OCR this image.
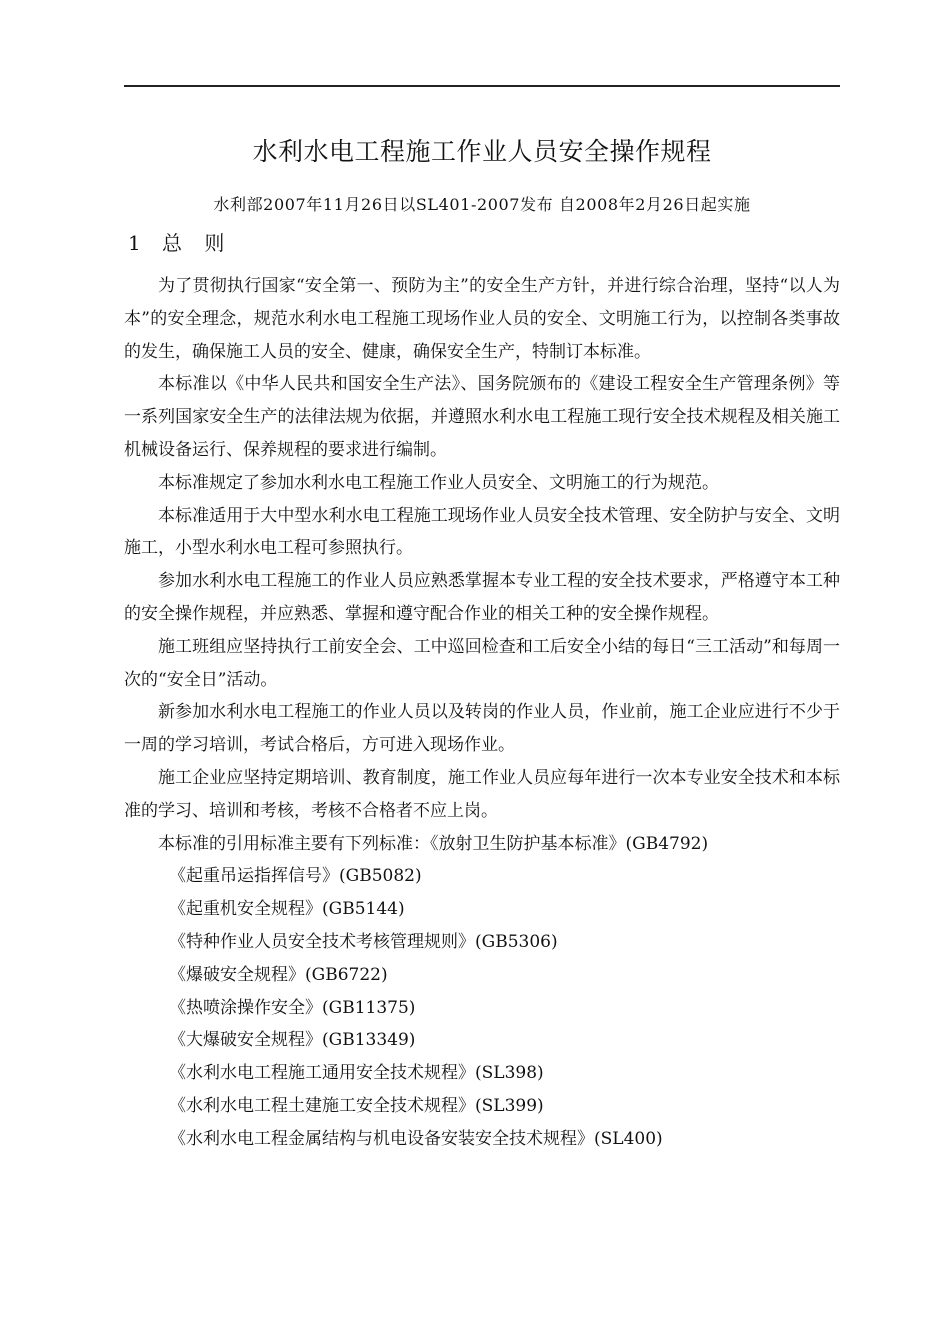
水利水电工程施工作业人员安全操作规程
水利部2007年11月26日以SL401-2007发布 自2008年2月26日起实施
1 总 则

为了贯彻执行国家“安全第一、预防为主”的安全生产方针，并进行综合治理，坚持“以人为本”的安全理念，规范水利水电工程施工现场作业人员的安全、文明施工行为，以控制各类事故的发生，确保施工人员的安全、健康，确保安全生产，特制订本标准。

本标准以《中华人民共和国安全生产法》、国务院颁布的《建设工程安全生产管理条例》等一系列国家安全生产的法律法规为依据，并遵照水利水电工程施工现行安全技术规程及相关施工机械设备运行、保养规程的要求进行编制。

本标准规定了参加水利水电工程施工作业人员安全、文明施工的行为规范。

本标准适用于大中型水利水电工程施工现场作业人员安全技术管理、安全防护与安全、文明施工，小型水利水电工程可参照执行。

参加水利水电工程施工的作业人员应熟悉掌握本专业工程的安全技术要求，严格遵守本工种的安全操作规程，并应熟悉、掌握和遵守配合作业的相关工种的安全操作规程。

施工班组应坚持执行工前安全会、工中巡回检查和工后安全小结的每日“三工活动”和每周一次的“安全日”活动。

新参加水利水电工程施工的作业人员以及转岗的作业人员，作业前，施工企业应进行不少于一周的学习培训，考试合格后，方可进入现场作业。

施工企业应坚持定期培训、教育制度，施工作业人员应每年进行一次本专业安全技术和本标准的学习、培训和考核，考核不合格者不应上岗。

本标准的引用标准主要有下列标准：《放射卫生防护基本标准》(GB4792)

《起重吊运指挥信号》(GB5082)

《起重机安全规程》(GB5144)

《特种作业人员安全技术考核管理规则》(GB5306)

《爆破安全规程》(GB6722)

《热喷涂操作安全》(GB11375)

《大爆破安全规程》(GB13349)

《水利水电工程施工通用安全技术规程》(SL398)

《水利水电工程土建施工安全技术规程》(SL399)

《水利水电工程金属结构与机电设备安装安全技术规程》(SL400)
